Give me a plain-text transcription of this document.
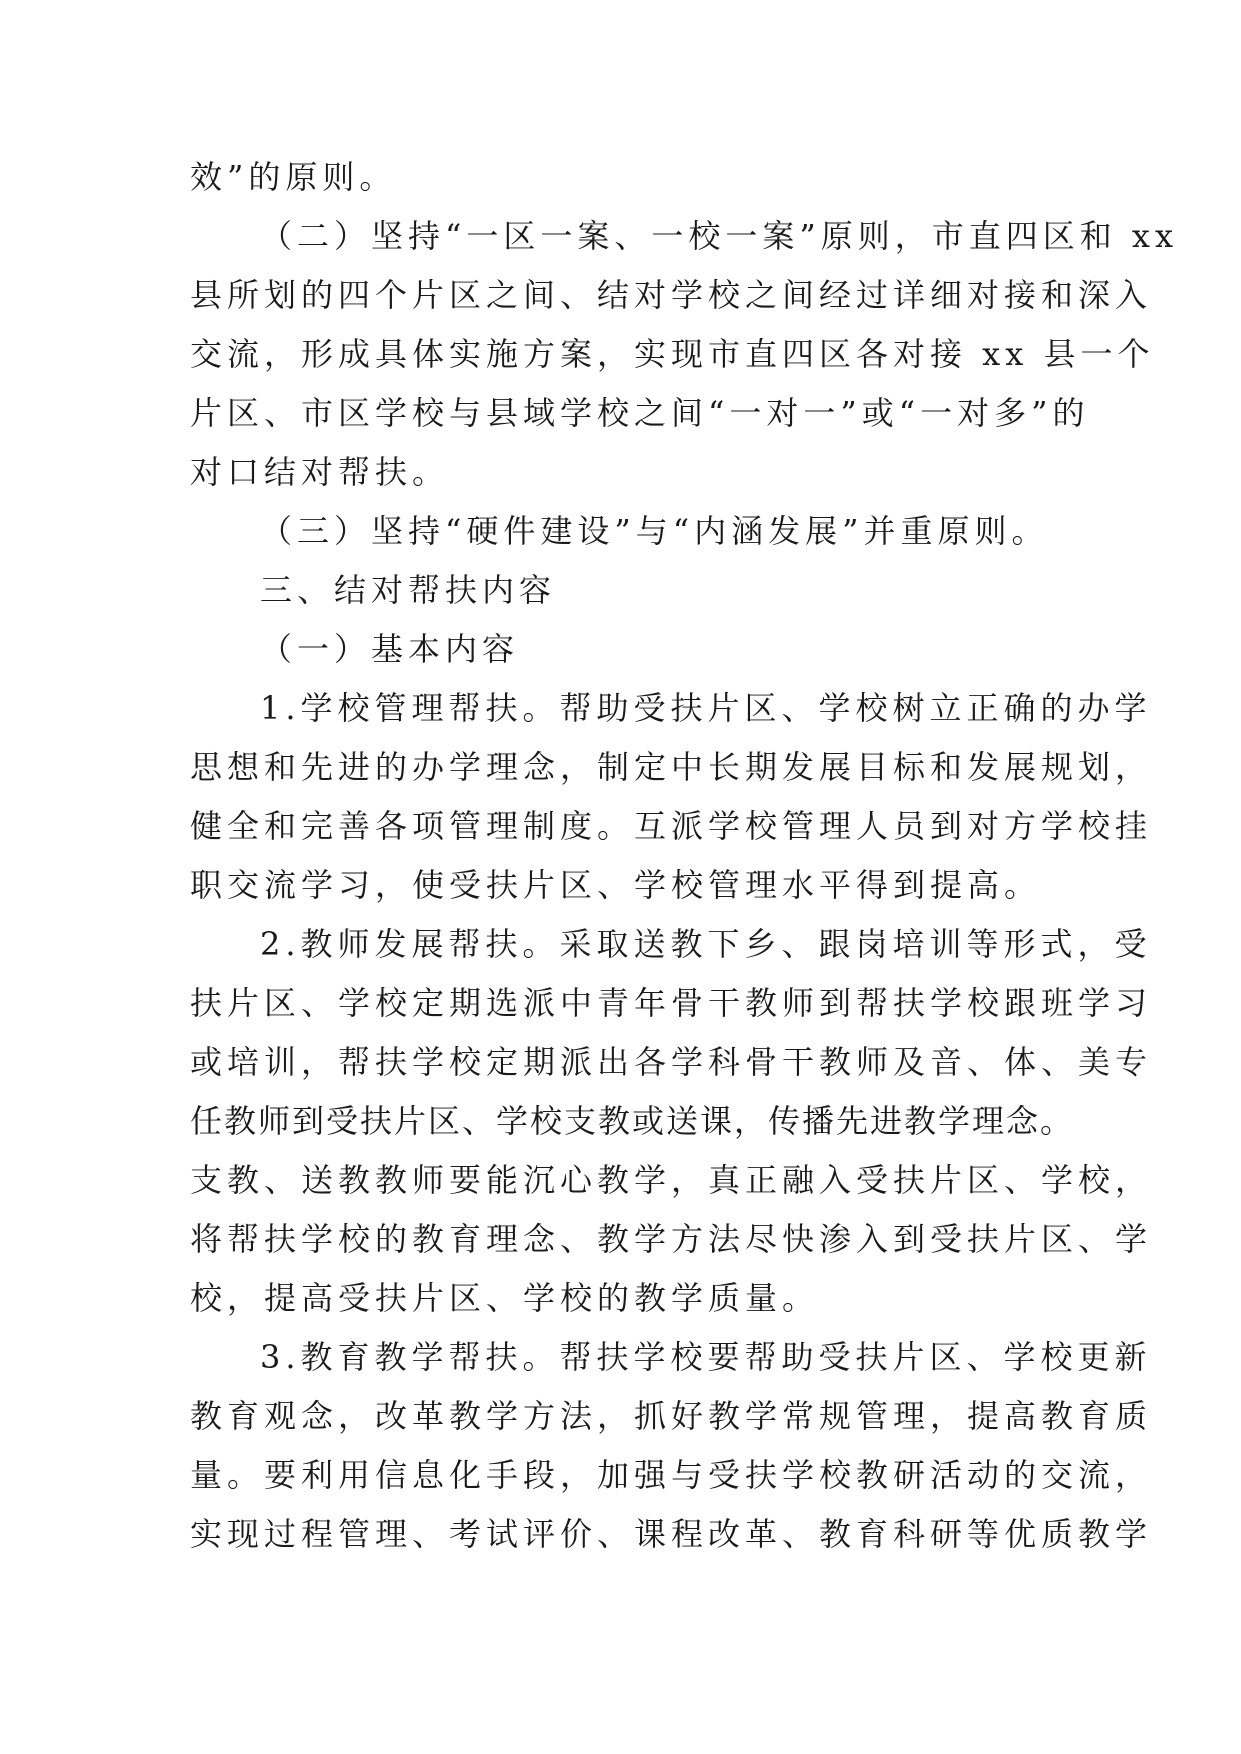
效”的原则。
（二）坚持“一区一案、一校一案”原则，市直四区和 xx
县所划的四个片区之间、结对学校之间经过详细对接和深入
交流，形成具体实施方案，实现市直四区各对接 xx 县一个
片区、市区学校与县域学校之间“一对一”或“一对多”的
对口结对帮扶。
（三）坚持“硬件建设”与“内涵发展”并重原则。
三、结对帮扶内容
（一）基本内容
1.学校管理帮扶。帮助受扶片区、学校树立正确的办学
思想和先进的办学理念，制定中长期发展目标和发展规划，
健全和完善各项管理制度。互派学校管理人员到对方学校挂
职交流学习，使受扶片区、学校管理水平得到提高。
2.教师发展帮扶。采取送教下乡、跟岗培训等形式，受
扶片区、学校定期选派中青年骨干教师到帮扶学校跟班学习
或培训，帮扶学校定期派出各学科骨干教师及音、体、美专
任教师到受扶片区、学校支教或送课，传播先进教学理念。
支教、送教教师要能沉心教学，真正融入受扶片区、学校，
将帮扶学校的教育理念、教学方法尽快渗入到受扶片区、学
校，提高受扶片区、学校的教学质量。
3.教育教学帮扶。帮扶学校要帮助受扶片区、学校更新
教育观念，改革教学方法，抓好教学常规管理，提高教育质
量。要利用信息化手段，加强与受扶学校教研活动的交流，
实现过程管理、考试评价、课程改革、教育科研等优质教学
